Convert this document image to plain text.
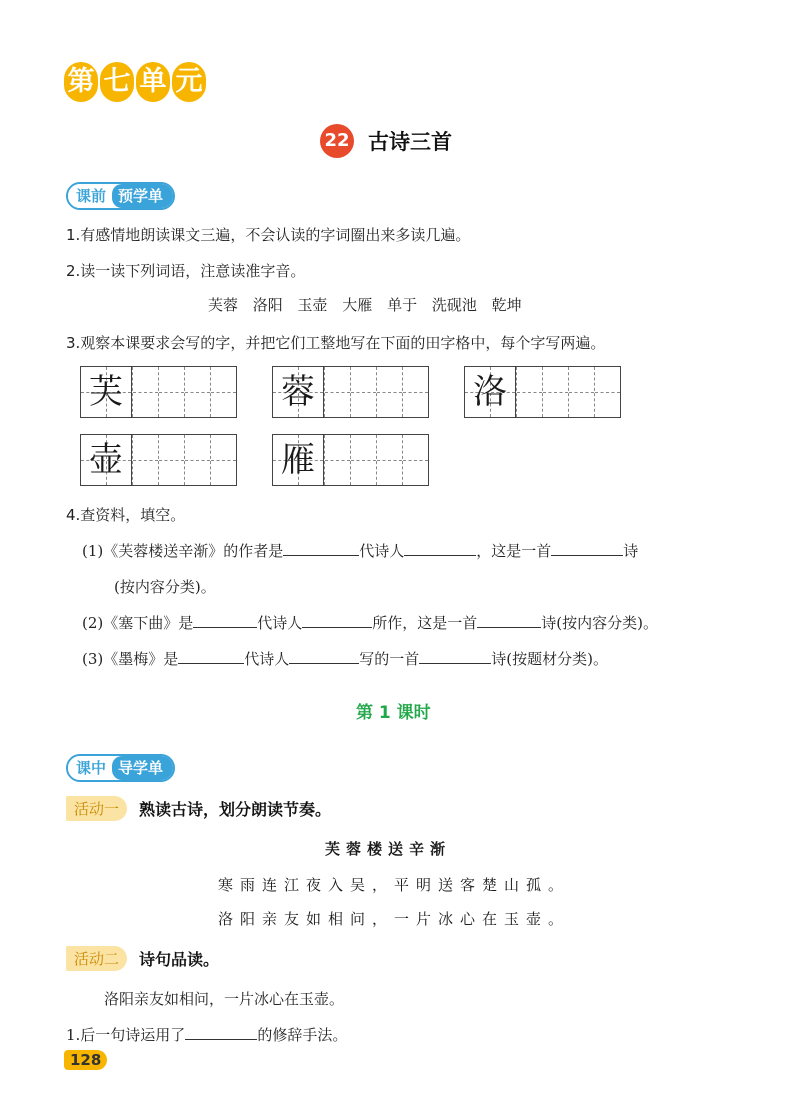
第 七 单 元
22 古诗三首
课前 预学单
1.有感情地朗读课文三遍，不会认读的字词圈出来多读几遍。
2.读一读下列词语，注意读准字音。
芙蓉 洛阳 玉壶 大雁 单于 洗砚池 乾坤
3.观察本课要求会写的字，并把它们工整地写在下面的田字格中，每个字写两遍。
芙	蓉	洛
壶	雁
4.查资料，填空。
(1)《芙蓉楼送辛渐》的作者是	代诗人	，这是一首	诗
(按内容分类)。
(2)《塞下曲》是	代诗人	所作，这是一首	诗(按内容分类)。
(3)《墨梅》是	代诗人	写的一首	诗(按题材分类)。
第 1 课时
课中 导学单
活动一	熟读古诗，划分朗读节奏。
芙蓉楼送辛渐
寒雨连江夜入吴，平明送客楚山孤。
洛阳亲友如相问，一片冰心在玉壶。
活动二	诗句品读。
洛阳亲友如相问，一片冰心在玉壶。
1.后一句诗运用了	的修辞手法。
128
